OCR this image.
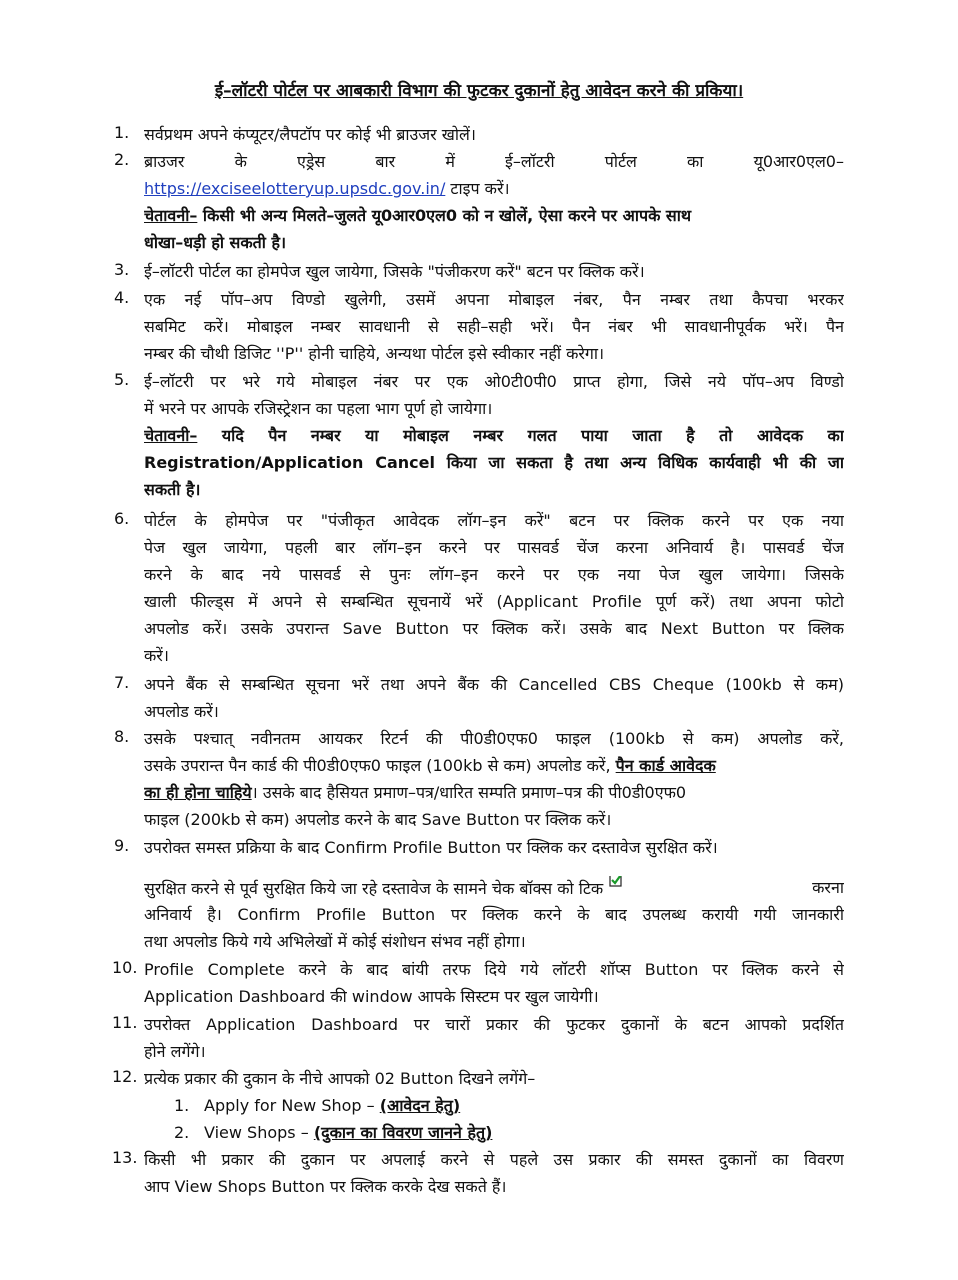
ई–लॉटरी पोर्टल पर आबकारी विभाग की फुटकर दुकानों हेतु आवेदन करने की प्रकिया।
1. सर्वप्रथम अपने कंप्यूटर/लैपटॉप पर कोई भी ब्राउजर खोलें।
2. ब्राउजर के एड्रेस बार में ई–लॉटरी पोर्टल का यू0आर0एल0–
https://exciseelotteryup.upsdc.gov.in/ टाइप करें।
चेतावनी– किसी भी अन्य मिलते–जुलते यू0आर0एल0 को न खोलें, ऐसा करने पर आपके साथ
धोखा–धड़ी हो सकती है।
3. ई–लॉटरी पोर्टल का होमपेज खुल जायेगा, जिसके "पंजीकरण करें" बटन पर क्लिक करें।
4. एक नई पॉप–अप विण्डो खुलेगी, उसमें अपना मोबाइल नंबर, पैन नम्बर तथा कैपचा भरकर
सबमिट करें। मोबाइल नम्बर सावधानी से सही–सही भरें। पैन नंबर भी सावधानीपूर्वक भरें। पैन
नम्बर की चौथी डिजिट ''P'' होनी चाहिये, अन्यथा पोर्टल इसे स्वीकार नहीं करेगा।
5. ई–लॉटरी पर भरे गये मोबाइल नंबर पर एक ओ0टी0पी0 प्राप्त होगा, जिसे नये पॉप–अप विण्डो
में भरने पर आपके रजिस्ट्रेशन का पहला भाग पूर्ण हो जायेगा।
चेतावनी– यदि पैन नम्बर या मोबाइल नम्बर गलत पाया जाता है तो आवेदक का
Registration/Application Cancel किया जा सकता है तथा अन्य विधिक कार्यवाही भी की जा
सकती है।
6. पोर्टल के होमपेज पर "पंजीकृत आवेदक लॉग–इन करें" बटन पर क्लिक करने पर एक नया
पेज खुल जायेगा, पहली बार लॉग–इन करने पर पासवर्ड चेंज करना अनिवार्य है। पासवर्ड चेंज
करने के बाद नये पासवर्ड से पुनः लॉग–इन करने पर एक नया पेज खुल जायेगा। जिसके
खाली फील्ड्स में अपने से सम्बन्धित सूचनायें भरें (Applicant Profile पूर्ण करें) तथा अपना फोटो
अपलोड करें। उसके उपरान्त Save Button पर क्लिक करें। उसके बाद Next Button पर क्लिक
करें।
7. अपने बैंक से सम्बन्धित सूचना भरें तथा अपने बैंक की Cancelled CBS Cheque (100kb से कम)
अपलोड करें।
8. उसके पश्चात् नवीनतम आयकर रिटर्न की पी0डी0एफ0 फाइल (100kb से कम) अपलोड करें,
उसके उपरान्त पैन कार्ड की पी0डी0एफ0 फाइल (100kb से कम) अपलोड करें, पैन कार्ड आवेदक
का ही होना चाहिये। उसके बाद हैसियत प्रमाण–पत्र/धारित सम्पति प्रमाण–पत्र की पी0डी0एफ0
फाइल (200kb से कम) अपलोड करने के बाद Save Button पर क्लिक करें।
9. उपरोक्त समस्त प्रक्रिया के बाद Confirm Profile Button पर क्लिक कर दस्तावेज सुरक्षित करें।
सुरक्षित करने से पूर्व सुरक्षित किये जा रहे दस्तावेज के सामने चेक बॉक्स को टिक	करना
अनिवार्य है। Confirm Profile Button पर क्लिक करने के बाद उपलब्ध करायी गयी जानकारी
तथा अपलोड किये गये अभिलेखों में कोई संशोधन संभव नहीं होगा।
10. Profile Complete करने के बाद बांयी तरफ दिये गये लॉटरी शॉप्स Button पर क्लिक करने से
Application Dashboard की window आपके सिस्टम पर खुल जायेगी।
11. उपरोक्त Application Dashboard पर चारों प्रकार की फुटकर दुकानों के बटन आपको प्रदर्शित
होने लगेंगे।
12. प्रत्येक प्रकार की दुकान के नीचे आपको 02 Button दिखने लगेंगे–
1. Apply for New Shop – (आवेदन हेतु)
2. View Shops – (दुकान का विवरण जानने हेतु)
13. किसी भी प्रकार की दुकान पर अपलाई करने से पहले उस प्रकार की समस्त दुकानों का विवरण
आप View Shops Button पर क्लिक करके देख सकते हैं।
